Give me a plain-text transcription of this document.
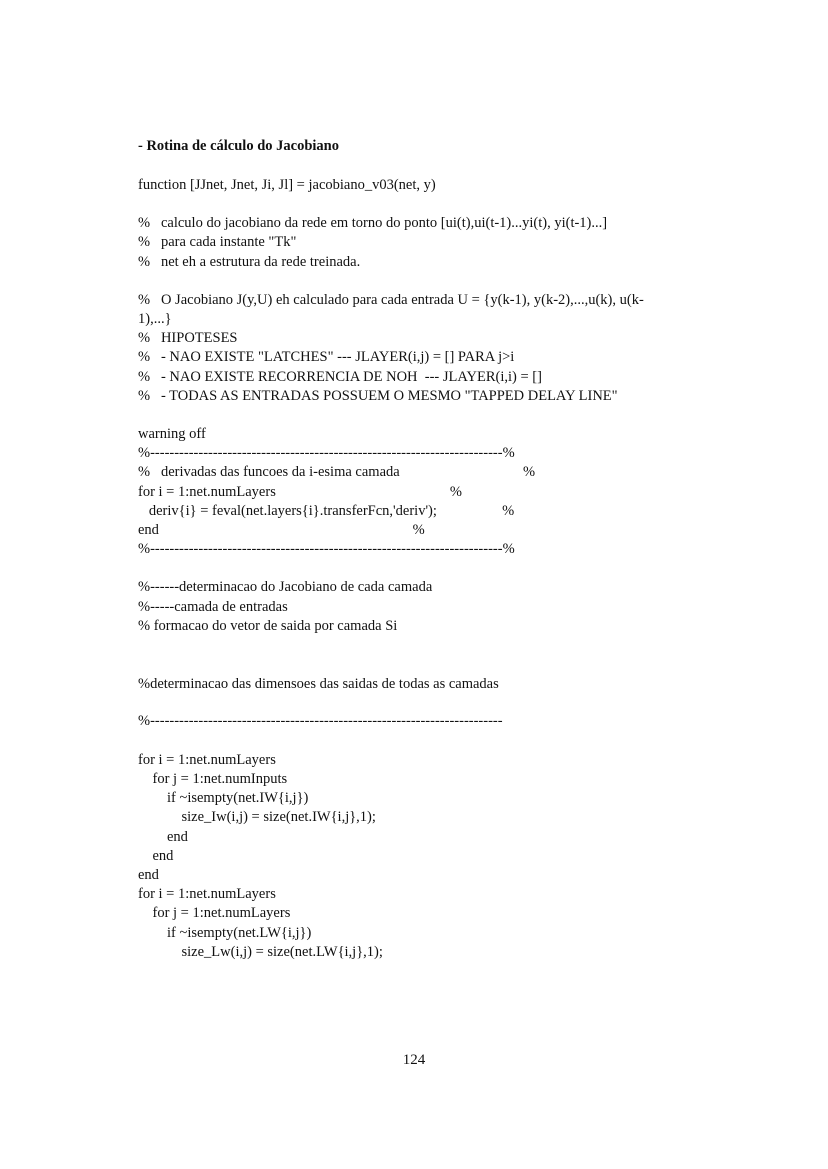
- Rotina de cálculo do Jacobiano
function [JJnet, Jnet, Ji, Jl] = jacobiano_v03(net, y)
%   calculo do jacobiano da rede em torno do ponto [ui(t),ui(t-1)...yi(t), yi(t-1)...]
%   para cada instante "Tk"
%   net eh a estrutura da rede treinada.
%   O Jacobiano J(y,U) eh calculado para cada entrada U = {y(k-1), y(k-2),...,u(k), u(k-
1),...}
%   HIPOTESES
%   - NAO EXISTE "LATCHES" --- JLAYER(i,j) = [] PARA j>i
%   - NAO EXISTE RECORRENCIA DE NOH  --- JLAYER(i,i) = []
%   - TODAS AS ENTRADAS POSSUEM O MESMO "TAPPED DELAY LINE"
warning off
%-------------------------------------------------------------------------%
%   derivadas das funcoes da i-esima camada                                  %
for i = 1:net.numLayers                                                %
deriv{i} = feval(net.layers{i}.transferFcn,'deriv');                  %
end                                                                      %
%-------------------------------------------------------------------------%
%------determinacao do Jacobiano de cada camada
%-----camada de entradas
% formacao do vetor de saida por camada Si
%determinacao das dimensoes das saidas de todas as camadas
%-------------------------------------------------------------------------
for i = 1:net.numLayers
for j = 1:net.numInputs
if ~isempty(net.IW{i,j})
size_Iw(i,j) = size(net.IW{i,j},1);
end
end
end
for i = 1:net.numLayers
for j = 1:net.numLayers
if ~isempty(net.LW{i,j})
size_Lw(i,j) = size(net.LW{i,j},1);
124
